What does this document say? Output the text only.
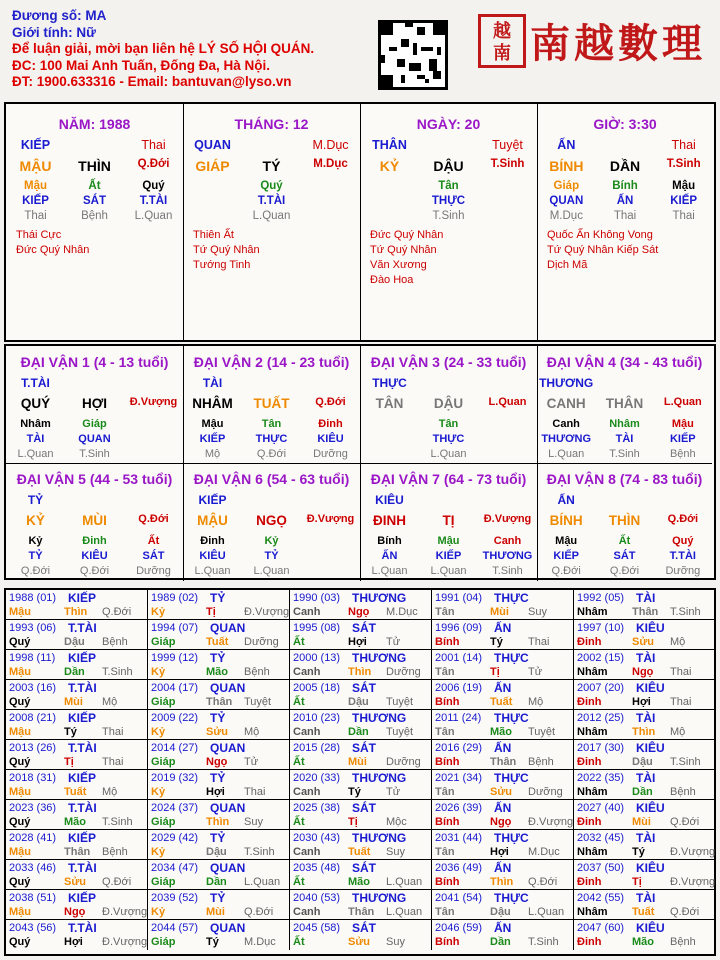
Đương số: MA
Giới tính: Nữ
Để luận giải, mời bạn liên hệ LÝ SỐ HỘI QUÁN.
ĐC: 100 Mai Anh Tuấn, Đống Đa, Hà Nội.
ĐT: 1900.633316 - Email: bantuvan@lyso.vn
越
南 南越數理
NĂM: 1988
KIẾP	Thai
MẬU	THÌN	Q.Đới
Mậu	Ất	Quý
KIẾP	SÁT	T.TÀI
Thai	Bệnh	L.Quan
Thái Cực
Đức Quý Nhân
THÁNG: 12
QUAN	M.Dục
GIÁP	TÝ	M.Dục
Quý
T.TÀI
L.Quan
Thiên Ất
Tứ Quý Nhân
Tướng Tinh
NGÀY: 20
THÂN	Tuyệt
KỶ	DẬU	T.Sinh
Tân
THỰC
T.Sinh
Đức Quý Nhân
Tứ Quý Nhân
Văn Xương
Đào Hoa
GIỜ: 3:30
ẤN	Thai
BÍNH	DẦN	T.Sinh
Giáp	Bính	Mậu
QUAN	ẤN	KIẾP
M.Dục	Thai	Thai
Quốc Ấn Không Vong
Tứ Quý Nhân Kiếp Sát
Dịch Mã
ĐẠI VẬN 1 (4 - 13 tuổi)
T.TÀI
QUÝ	HỢI	Đ.Vượng
Nhâm	Giáp
TÀI	QUAN
L.Quan	T.Sinh
ĐẠI VẬN 2 (14 - 23 tuổi)
TÀI
NHÂM	TUẤT	Q.Đới
Mậu	Tân	Đinh
KIẾP	THỰC	KIÊU
Mộ	Q.Đới	Dưỡng
ĐẠI VẬN 3 (24 - 33 tuổi)
THỰC
TÂN	DẬU	L.Quan
Tân
THỰC
L.Quan
ĐẠI VẬN 4 (34 - 43 tuổi)
THƯƠNG
CANH	THÂN	L.Quan
Canh	Nhâm	Mậu
THƯƠNG	TÀI	KIẾP
L.Quan	T.Sinh	Bệnh
ĐẠI VẬN 5 (44 - 53 tuổi)
TỶ
KỶ	MÙI	Q.Đới
Kỷ	Đinh	Ất
TỶ	KIÊU	SÁT
Q.Đới	Q.Đới	Dưỡng
ĐẠI VẬN 6 (54 - 63 tuổi)
KIẾP
MẬU	NGỌ	Đ.Vượng
Đinh	Kỷ
KIÊU	TỶ
L.Quan	L.Quan
ĐẠI VẬN 7 (64 - 73 tuổi)
KIÊU
ĐINH	TỊ	Đ.Vượng
Bính	Mậu	Canh
ẤN	KIẾP	THƯƠNG
L.Quan	L.Quan	T.Sinh
ĐẠI VẬN 8 (74 - 83 tuổi)
ẤN
BÍNH	THÌN	Q.Đới
Mậu	Ất	Quý
KIẾP	SÁT	T.TÀI
Q.Đới	Q.Đới	Dưỡng
1988 (01) KIẾP
Mậu	Thìn Q.Đới
1989 (02) TỶ
Kỷ	Tị	Đ.Vượng
1990 (03) THƯƠNG
Canh	Ngọ M.Dục
1991 (04) THỰC
Tân	Mùi Suy
1992 (05) TÀI
Nhâm Thân T.Sinh
1993 (06) T.TÀI
Quý	Dậu Bệnh
1994 (07) QUAN
Giáp	Tuất Dưỡng
1995 (08) SÁT
Ất	Hợi Tử
1996 (09) ẤN
Bính	Tý Thai
1997 (10) KIÊU
Đinh	Sửu Mộ
1998 (11) KIẾP
Mậu	Dần T.Sinh
1999 (12) TỶ
Kỷ	Mão Bệnh
2000 (13) THƯƠNG
Canh	Thìn Dưỡng
2001 (14) THỰC
Tân	Tị	Tử
2002 (15) TÀI
Nhâm Ngọ Thai
2003 (16) T.TÀI
Quý	Mùi Mộ
2004 (17) QUAN
Giáp	Thân Tuyệt
2005 (18) SÁT
Ất	Dậu Tuyệt
2006 (19) ẤN
Bính	Tuất Mộ
2007 (20) KIÊU
Đinh	Hợi Thai
2008 (21) KIẾP
Mậu	Tý Thai
2009 (22) TỶ
Kỷ	Sửu Mộ
2010 (23) THƯƠNG
Canh	Dần Tuyệt
2011 (24) THỰC
Tân	Mão Tuyệt
2012 (25) TÀI
Nhâm Thìn Mộ
2013 (26) T.TÀI
Quý	Tị	Thai
2014 (27) QUAN
Giáp	Ngọ Tử
2015 (28) SÁT
Ất	Mùi Dưỡng
2016 (29) ẤN
Bính	Thân Bệnh
2017 (30) KIÊU
Đinh	Dậu T.Sinh
2018 (31) KIẾP
Mậu	Tuất Mộ
2019 (32) TỶ
Kỷ	Hợi Thai
2020 (33) THƯƠNG
Canh	Tý Tử
2021 (34) THỰC
Tân	Sửu Dưỡng
2022 (35) TÀI
Nhâm Dần Bệnh
2023 (36) T.TÀI
Quý	Mão T.Sinh
2024 (37) QUAN
Giáp	Thìn Suy
2025 (38) SÁT
Ất	Tị	Mộc
2026 (39) ẤN
Bính	Ngọ Đ.Vượng
2027 (40) KIÊU
Đinh	Mùi Q.Đới
2028 (41) KIẾP
Mậu	Thân Bệnh
2029 (42) TỶ
Kỷ	Dậu T.Sinh
2030 (43) THƯƠNG
Canh	Tuất Suy
2031 (44) THỰC
Tân	Hợi M.Dục
2032 (45) TÀI
Nhâm Tý Đ.Vượng
2033 (46) T.TÀI
Quý	Sửu Q.Đới
2034 (47) QUAN
Giáp	Dần L.Quan
2035 (48) SÁT
Ất	Mão L.Quan
2036 (49) ẤN
Bính	Thìn Q.Đới
2037 (50) KIÊU
Đinh	Tị	Đ.Vượng
2038 (51) KIẾP
Mậu	Ngọ Đ.Vượng
2039 (52) TỶ
Kỷ	Mùi Q.Đới
2040 (53) THƯƠNG
Canh	Thân L.Quan
2041 (54) THỰC
Tân	Dậu L.Quan
2042 (55) TÀI
Nhâm Tuất Q.Đới
2043 (56) T.TÀI
Quý	Hợi Đ.Vượng
2044 (57) QUAN
Giáp	Tý M.Dục
2045 (58) SÁT
Ất	Sửu Suy
2046 (59) ẤN
Bính	Dần T.Sinh
2047 (60) KIÊU
Đinh	Mão Bệnh
